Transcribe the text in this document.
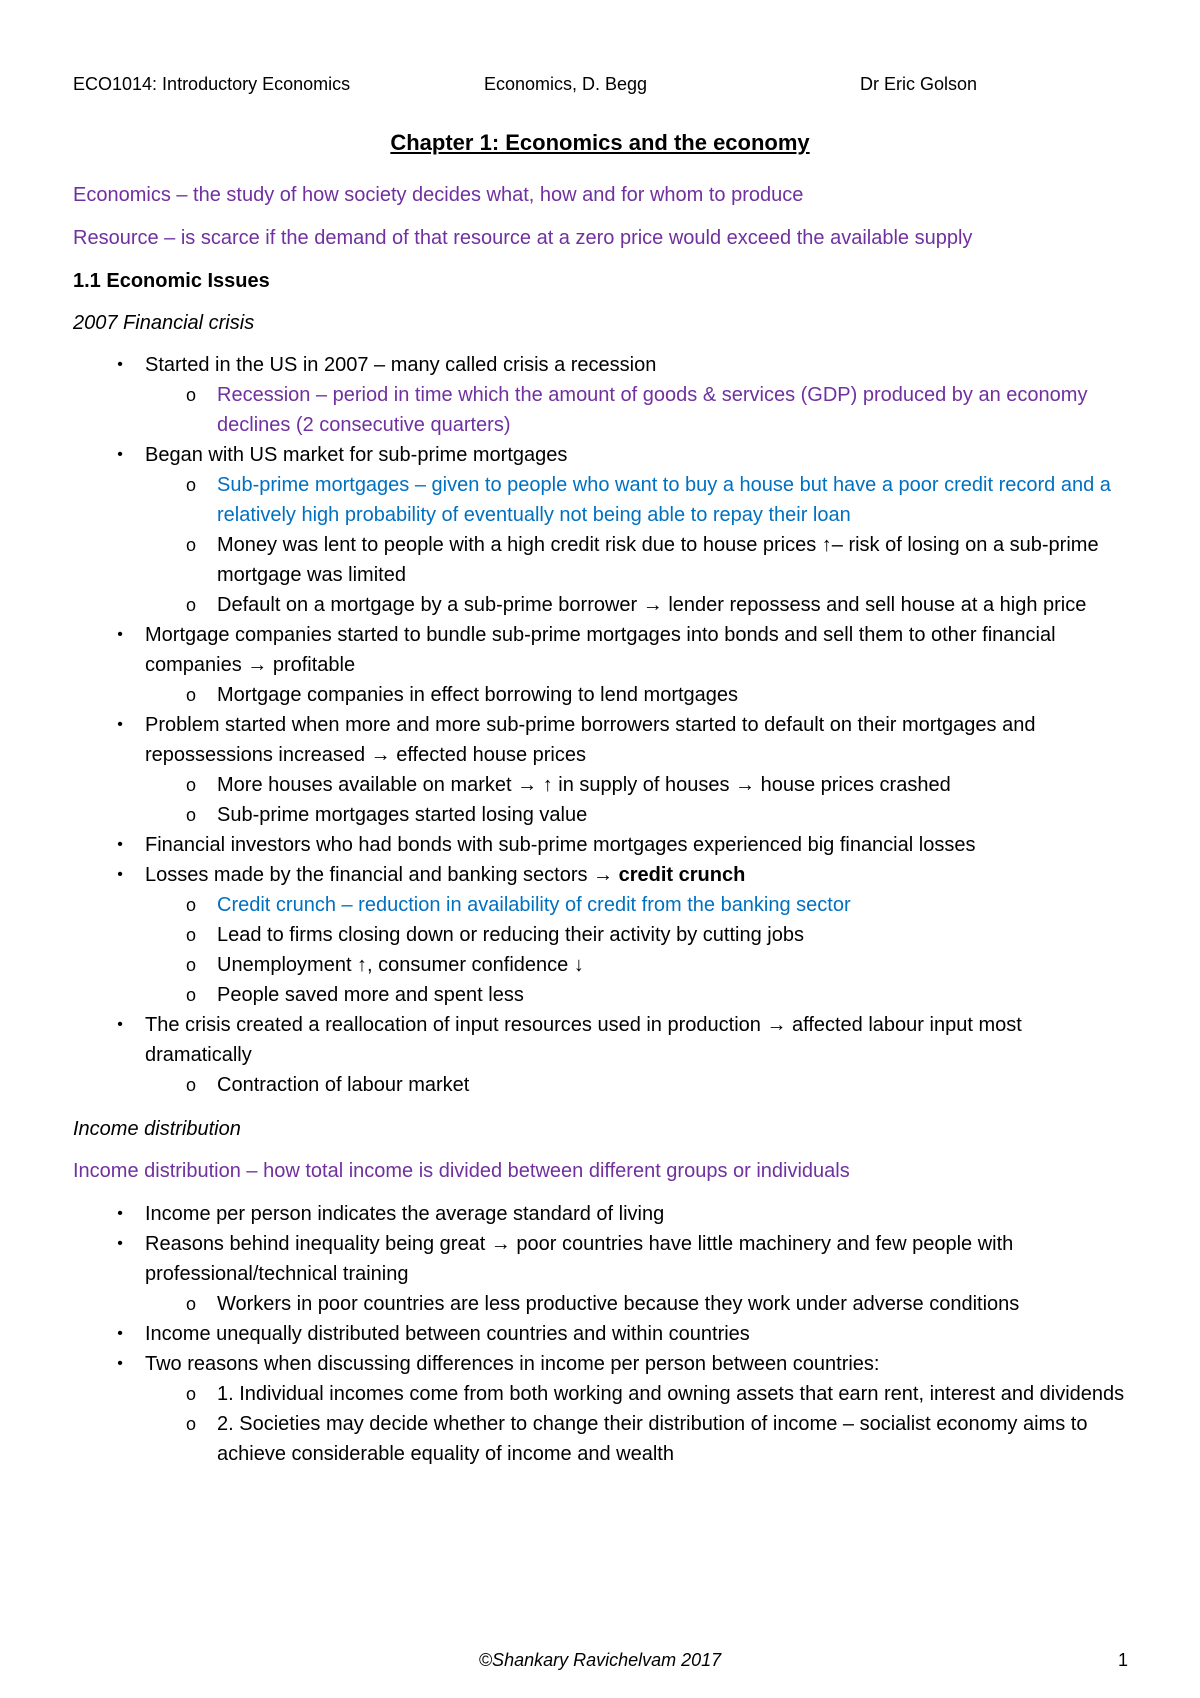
ECO1014: Introductory Economics	Economics, D. Begg	Dr Eric Golson
Chapter 1: Economics and the economy

Economics – the study of how society decides what, how and for whom to produce

Resource – is scarce if the demand of that resource at a zero price would exceed the available supply

1.1 Economic Issues

2007 Financial crisis

•	Started in the US in 2007 – many called crisis a recession
o Recession – period in time which the amount of goods & services (GDP) produced by an economy declines (2 consecutive quarters)
•	Began with US market for sub-prime mortgages
o Sub-prime mortgages – given to people who want to buy a house but have a poor credit record and a relatively high probability of eventually not being able to repay their loan
o Money was lent to people with a high credit risk due to house prices ↑– risk of losing on a sub-prime mortgage was limited
o Default on a mortgage by a sub-prime borrower → lender repossess and sell house at a high price
•	Mortgage companies started to bundle sub-prime mortgages into bonds and sell them to other financial companies → profitable
o Mortgage companies in effect borrowing to lend mortgages
•	Problem started when more and more sub-prime borrowers started to default on their mortgages and repossessions increased → effected house prices
o More houses available on market → ↑ in supply of houses → house prices crashed
o Sub-prime mortgages started losing value
•	Financial investors who had bonds with sub-prime mortgages experienced big financial losses
•	Losses made by the financial and banking sectors → credit crunch
o Credit crunch – reduction in availability of credit from the banking sector
o Lead to firms closing down or reducing their activity by cutting jobs
o Unemployment ↑, consumer confidence ↓
o People saved more and spent less
•	The crisis created a reallocation of input resources used in production → affected labour input most dramatically
o Contraction of labour market

Income distribution

Income distribution – how total income is divided between different groups or individuals

•	Income per person indicates the average standard of living
•	Reasons behind inequality being great → poor countries have little machinery and few people with professional/technical training
o Workers in poor countries are less productive because they work under adverse conditions
•	Income unequally distributed between countries and within countries
•	Two reasons when discussing differences in income per person between countries:
o 1. Individual incomes come from both working and owning assets that earn rent, interest and dividends
o 2. Societies may decide whether to change their distribution of income – socialist economy aims to achieve considerable equality of income and wealth
©Shankary Ravichelvam 2017	1
